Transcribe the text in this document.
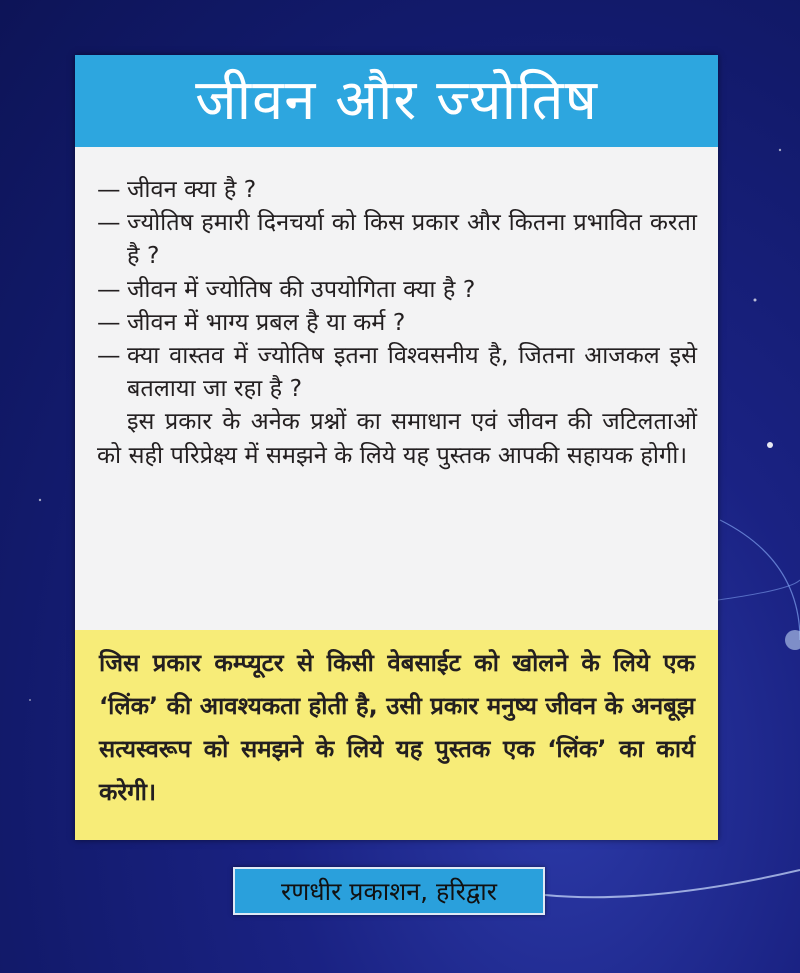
जीवन और ज्योतिष
— जीवन क्या है ?
— ज्योतिष हमारी दिनचर्या को किस प्रकार और कितना प्रभावित करता है ?
— जीवन में ज्योतिष की उपयोगिता क्या है ?
— जीवन में भाग्य प्रबल है या कर्म ?
— क्या वास्तव में ज्योतिष इतना विश्वसनीय है, जितना आजकल इसे बतलाया जा रहा है ?
इस प्रकार के अनेक प्रश्नों का समाधान एवं जीवन की जटिलताओं को सही परिप्रेक्ष्य में समझने के लिये यह पुस्तक आपकी सहायक होगी।
जिस प्रकार कम्प्यूटर से किसी वेबसाईट को खोलने के लिये एक ‘लिंक’ की आवश्यकता होती है, उसी प्रकार मनुष्य जीवन के अनबूझ सत्यस्वरूप को समझने के लिये यह पुस्तक एक ‘लिंक’ का कार्य करेगी।
रणधीर प्रकाशन, हरिद्वार
